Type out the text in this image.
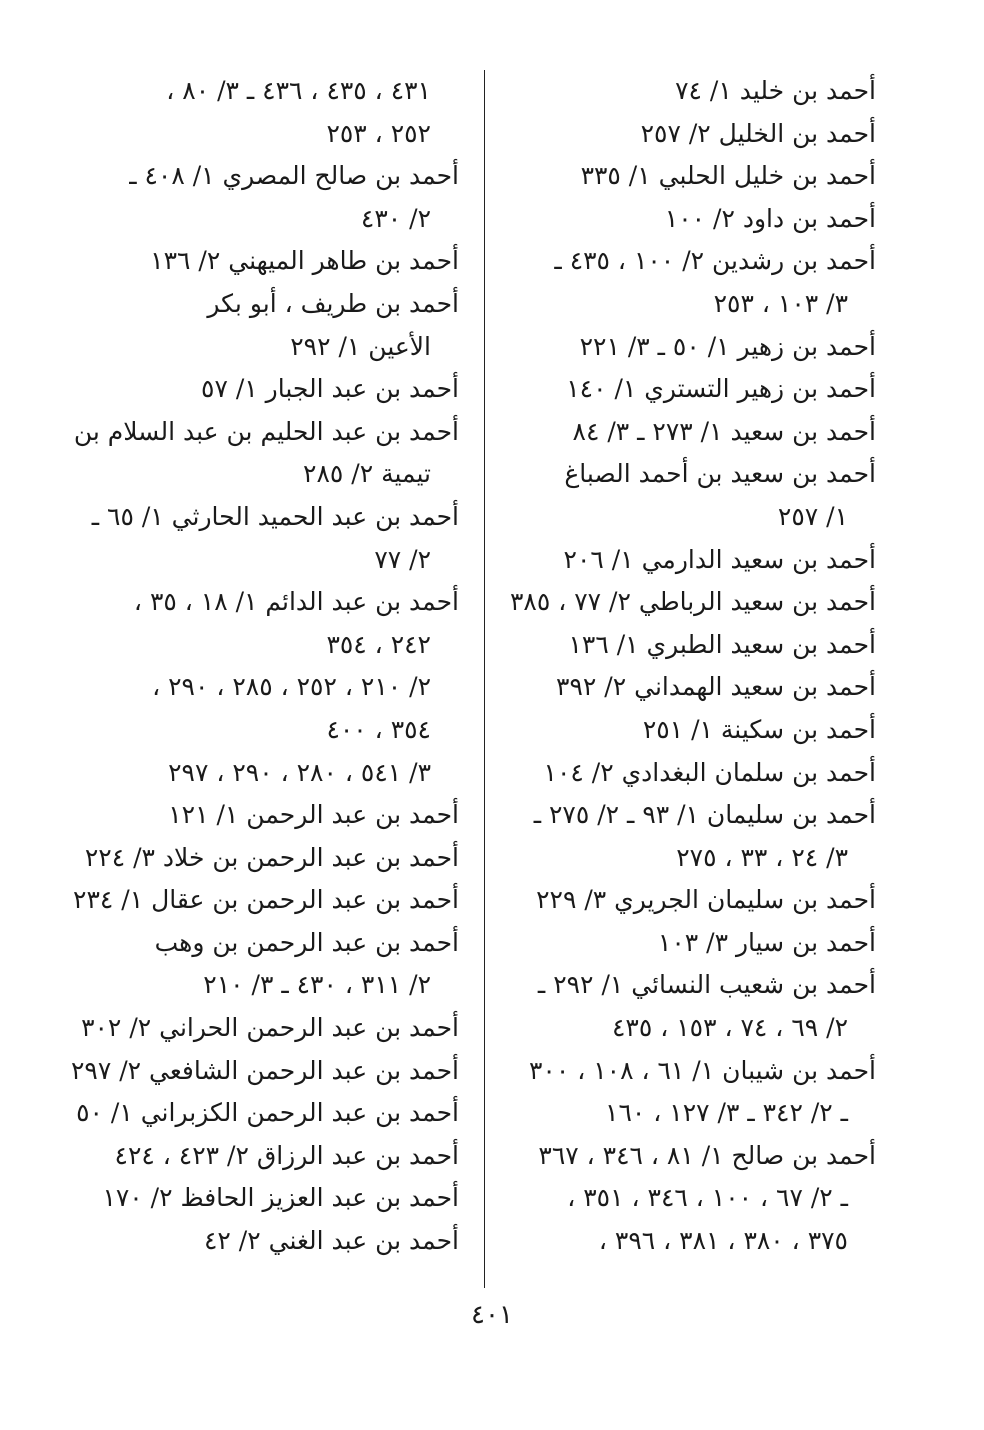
أحمد بن خليد ١/ ٧٤
أحمد بن الخليل ٢/ ٢٥٧
أحمد بن خليل الحلبي ١/ ٣٣٥
أحمد بن داود ٢/ ١٠٠
أحمد بن رشدين ٢/ ١٠٠ ، ٤٣٥ ـ
٣/ ١٠٣ ، ٢٥٣
أحمد بن زهير ١/ ٥٠ ـ ٣/ ٢٢١
أحمد بن زهير التستري ١/ ١٤٠
أحمد بن سعيد ١/ ٢٧٣ ـ ٣/ ٨٤
أحمد بن سعيد بن أحمد الصباغ
١/ ٢٥٧
أحمد بن سعيد الدارمي ١/ ٢٠٦
أحمد بن سعيد الرباطي ٢/ ٧٧ ، ٣٨٥
أحمد بن سعيد الطبري ١/ ١٣٦
أحمد بن سعيد الهمداني ٢/ ٣٩٢
أحمد بن سكينة ١/ ٢٥١
أحمد بن سلمان البغدادي ٢/ ١٠٤
أحمد بن سليمان ١/ ٩٣ ـ ٢/ ٢٧٥ ـ
٣/ ٢٤ ، ٣٣ ، ٢٧٥
أحمد بن سليمان الجريري ٣/ ٢٢٩
أحمد بن سيار ٣/ ١٠٣
أحمد بن شعيب النسائي ١/ ٢٩٢ ـ
٢/ ٦٩ ، ٧٤ ، ١٥٣ ، ٤٣٥
أحمد بن شيبان ١/ ٦١ ، ١٠٨ ، ٣٠٠
ـ ٢/ ٣٤٢ ـ ٣/ ١٢٧ ، ١٦٠
أحمد بن صالح ١/ ٨١ ، ٣٤٦ ، ٣٦٧
ـ ٢/ ٦٧ ، ١٠٠ ، ٣٤٦ ، ٣٥١ ،
٣٧٥ ، ٣٨٠ ، ٣٨١ ، ٣٩٦ ،
٤٣١ ، ٤٣٥ ، ٤٣٦ ـ ٣/ ٨٠ ،
٢٥٢ ، ٢٥٣
أحمد بن صالح المصري ١/ ٤٠٨ ـ
٢/ ٤٣٠
أحمد بن طاهر الميهني ٢/ ١٣٦
أحمد بن طريف ، أبو بكر
الأعين ١/ ٢٩٢
أحمد بن عبد الجبار ١/ ٥٧
أحمد بن عبد الحليم بن عبد السلام بن
تيمية ٢/ ٢٨٥
أحمد بن عبد الحميد الحارثي ١/ ٦٥ ـ
٢/ ٧٧
أحمد بن عبد الدائم ١/ ١٨ ، ٣٥ ،
٢٤٢ ، ٣٥٤
٢/ ٢١٠ ، ٢٥٢ ، ٢٨٥ ، ٢٩٠ ،
٣٥٤ ، ٤٠٠
٣/ ٥٤١ ، ٢٨٠ ، ٢٩٠ ، ٢٩٧
أحمد بن عبد الرحمن ١/ ١٢١
أحمد بن عبد الرحمن بن خلاد ٣/ ٢٢٤
أحمد بن عبد الرحمن بن عقال ١/ ٢٣٤
أحمد بن عبد الرحمن بن وهب
٢/ ٣١١ ، ٤٣٠ ـ ٣/ ٢١٠
أحمد بن عبد الرحمن الحراني ٢/ ٣٠٢
أحمد بن عبد الرحمن الشافعي ٢/ ٢٩٧
أحمد بن عبد الرحمن الكزبراني ١/ ٥٠
أحمد بن عبد الرزاق ٢/ ٤٢٣ ، ٤٢٤
أحمد بن عبد العزيز الحافظ ٢/ ١٧٠
أحمد بن عبد الغني ٢/ ٤٢
٤٠١
